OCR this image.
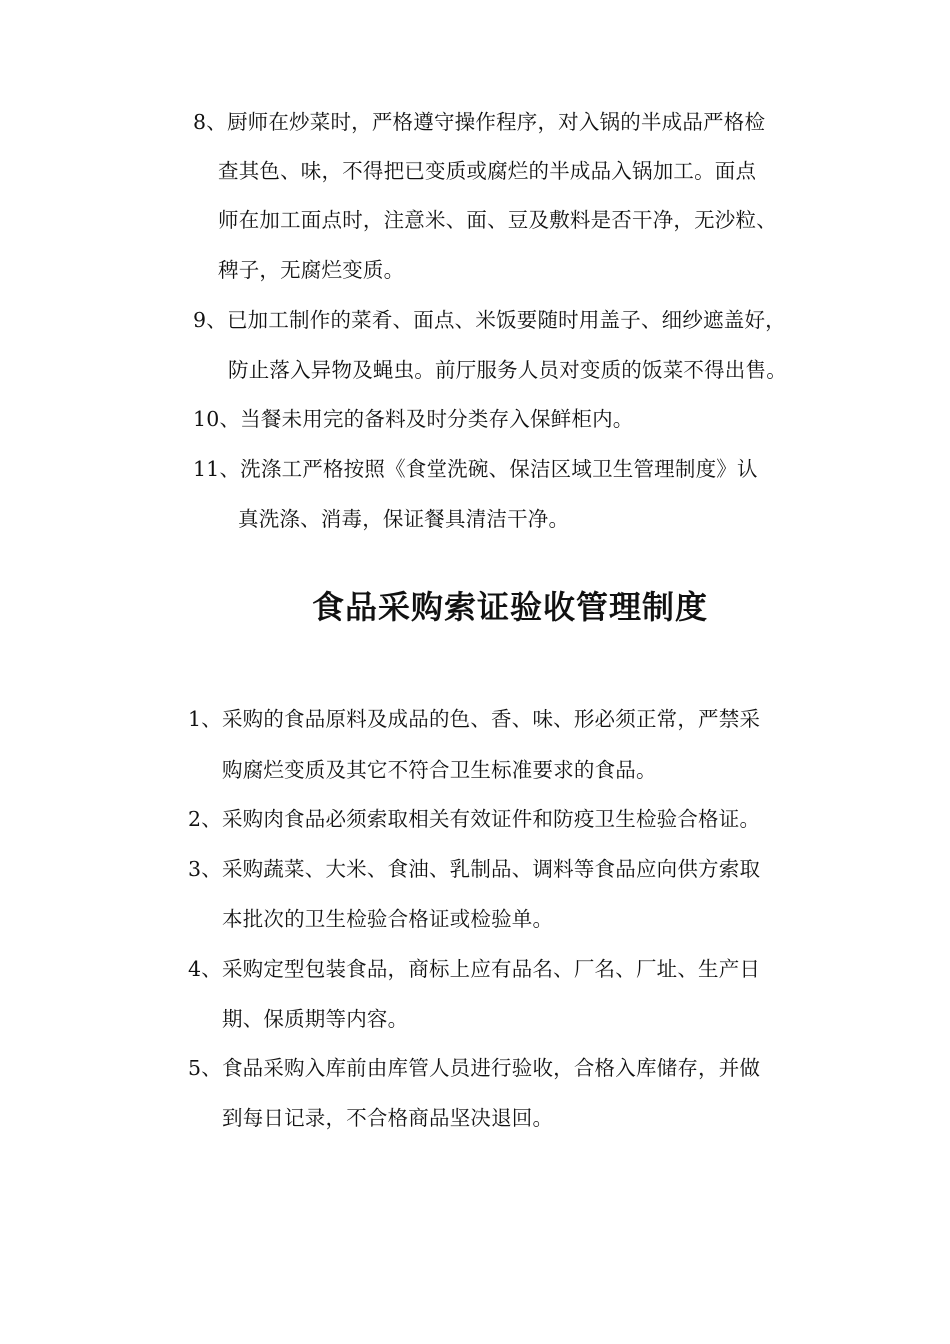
8、厨师在炒菜时，严格遵守操作程序，对入锅的半成品严格检
查其色、味，不得把已变质或腐烂的半成品入锅加工。面点
师在加工面点时，注意米、面、豆及敷料是否干净，无沙粒、
稗子，无腐烂变质。
9、已加工制作的菜肴、面点、米饭要随时用盖子、细纱遮盖好，
防止落入异物及蝇虫。前厅服务人员对变质的饭菜不得出售。
10、当餐未用完的备料及时分类存入保鲜柜内。
11、洗涤工严格按照《食堂洗碗、保洁区域卫生管理制度》认
真洗涤、消毒，保证餐具清洁干净。
食品采购索证验收管理制度
1、采购的食品原料及成品的色、香、味、形必须正常，严禁采
购腐烂变质及其它不符合卫生标准要求的食品。
2、采购肉食品必须索取相关有效证件和防疫卫生检验合格证。
3、采购蔬菜、大米、食油、乳制品、调料等食品应向供方索取
本批次的卫生检验合格证或检验单。
4、采购定型包装食品，商标上应有品名、厂名、厂址、生产日
期、保质期等内容。
5、食品采购入库前由库管人员进行验收，合格入库储存，并做
到每日记录，不合格商品坚决退回。
